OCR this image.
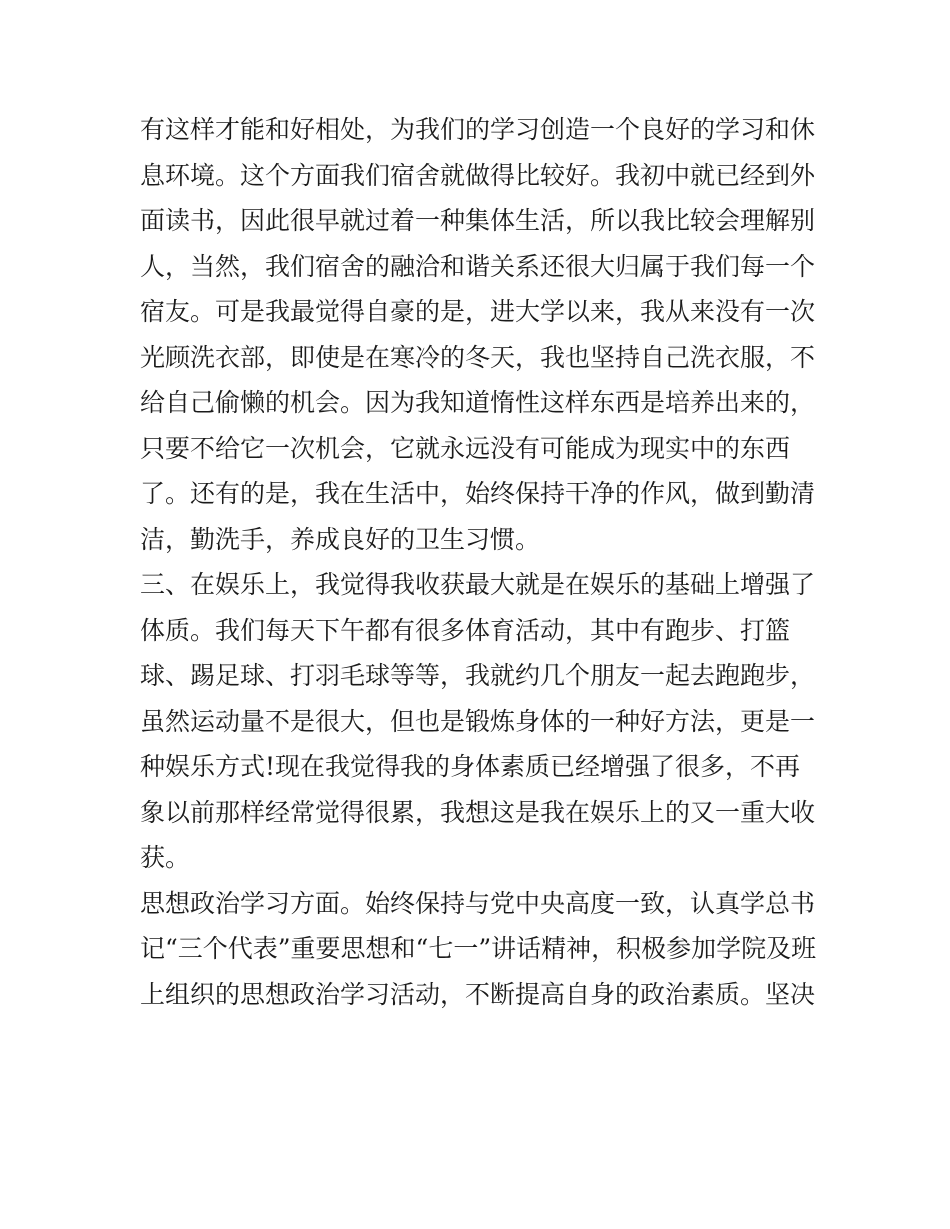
有这样才能和好相处，为我们的学习创造一个良好的学习和休
息环境。这个方面我们宿舍就做得比较好。我初中就已经到外
面读书，因此很早就过着一种集体生活，所以我比较会理解别
人，当然，我们宿舍的融洽和谐关系还很大归属于我们每一个
宿友。可是我最觉得自豪的是，进大学以来，我从来没有一次
光顾洗衣部，即使是在寒冷的冬天，我也坚持自己洗衣服，不
给自己偷懒的机会。因为我知道惰性这样东西是培养出来的，
只要不给它一次机会，它就永远没有可能成为现实中的东西
了。还有的是，我在生活中，始终保持干净的作风，做到勤清
洁，勤洗手，养成良好的卫生习惯。
三、在娱乐上，我觉得我收获最大就是在娱乐的基础上增强了
体质。我们每天下午都有很多体育活动，其中有跑步、打篮
球、踢足球、打羽毛球等等，我就约几个朋友一起去跑跑步，
虽然运动量不是很大，但也是锻炼身体的一种好方法，更是一
种娱乐方式!现在我觉得我的身体素质已经增强了很多，不再
象以前那样经常觉得很累，我想这是我在娱乐上的又一重大收
获。
思想政治学习方面。始终保持与党中央高度一致，认真学总书
记“三个代表”重要思想和“七一”讲话精神，积极参加学院及班
上组织的思想政治学习活动，不断提高自身的政治素质。坚决
